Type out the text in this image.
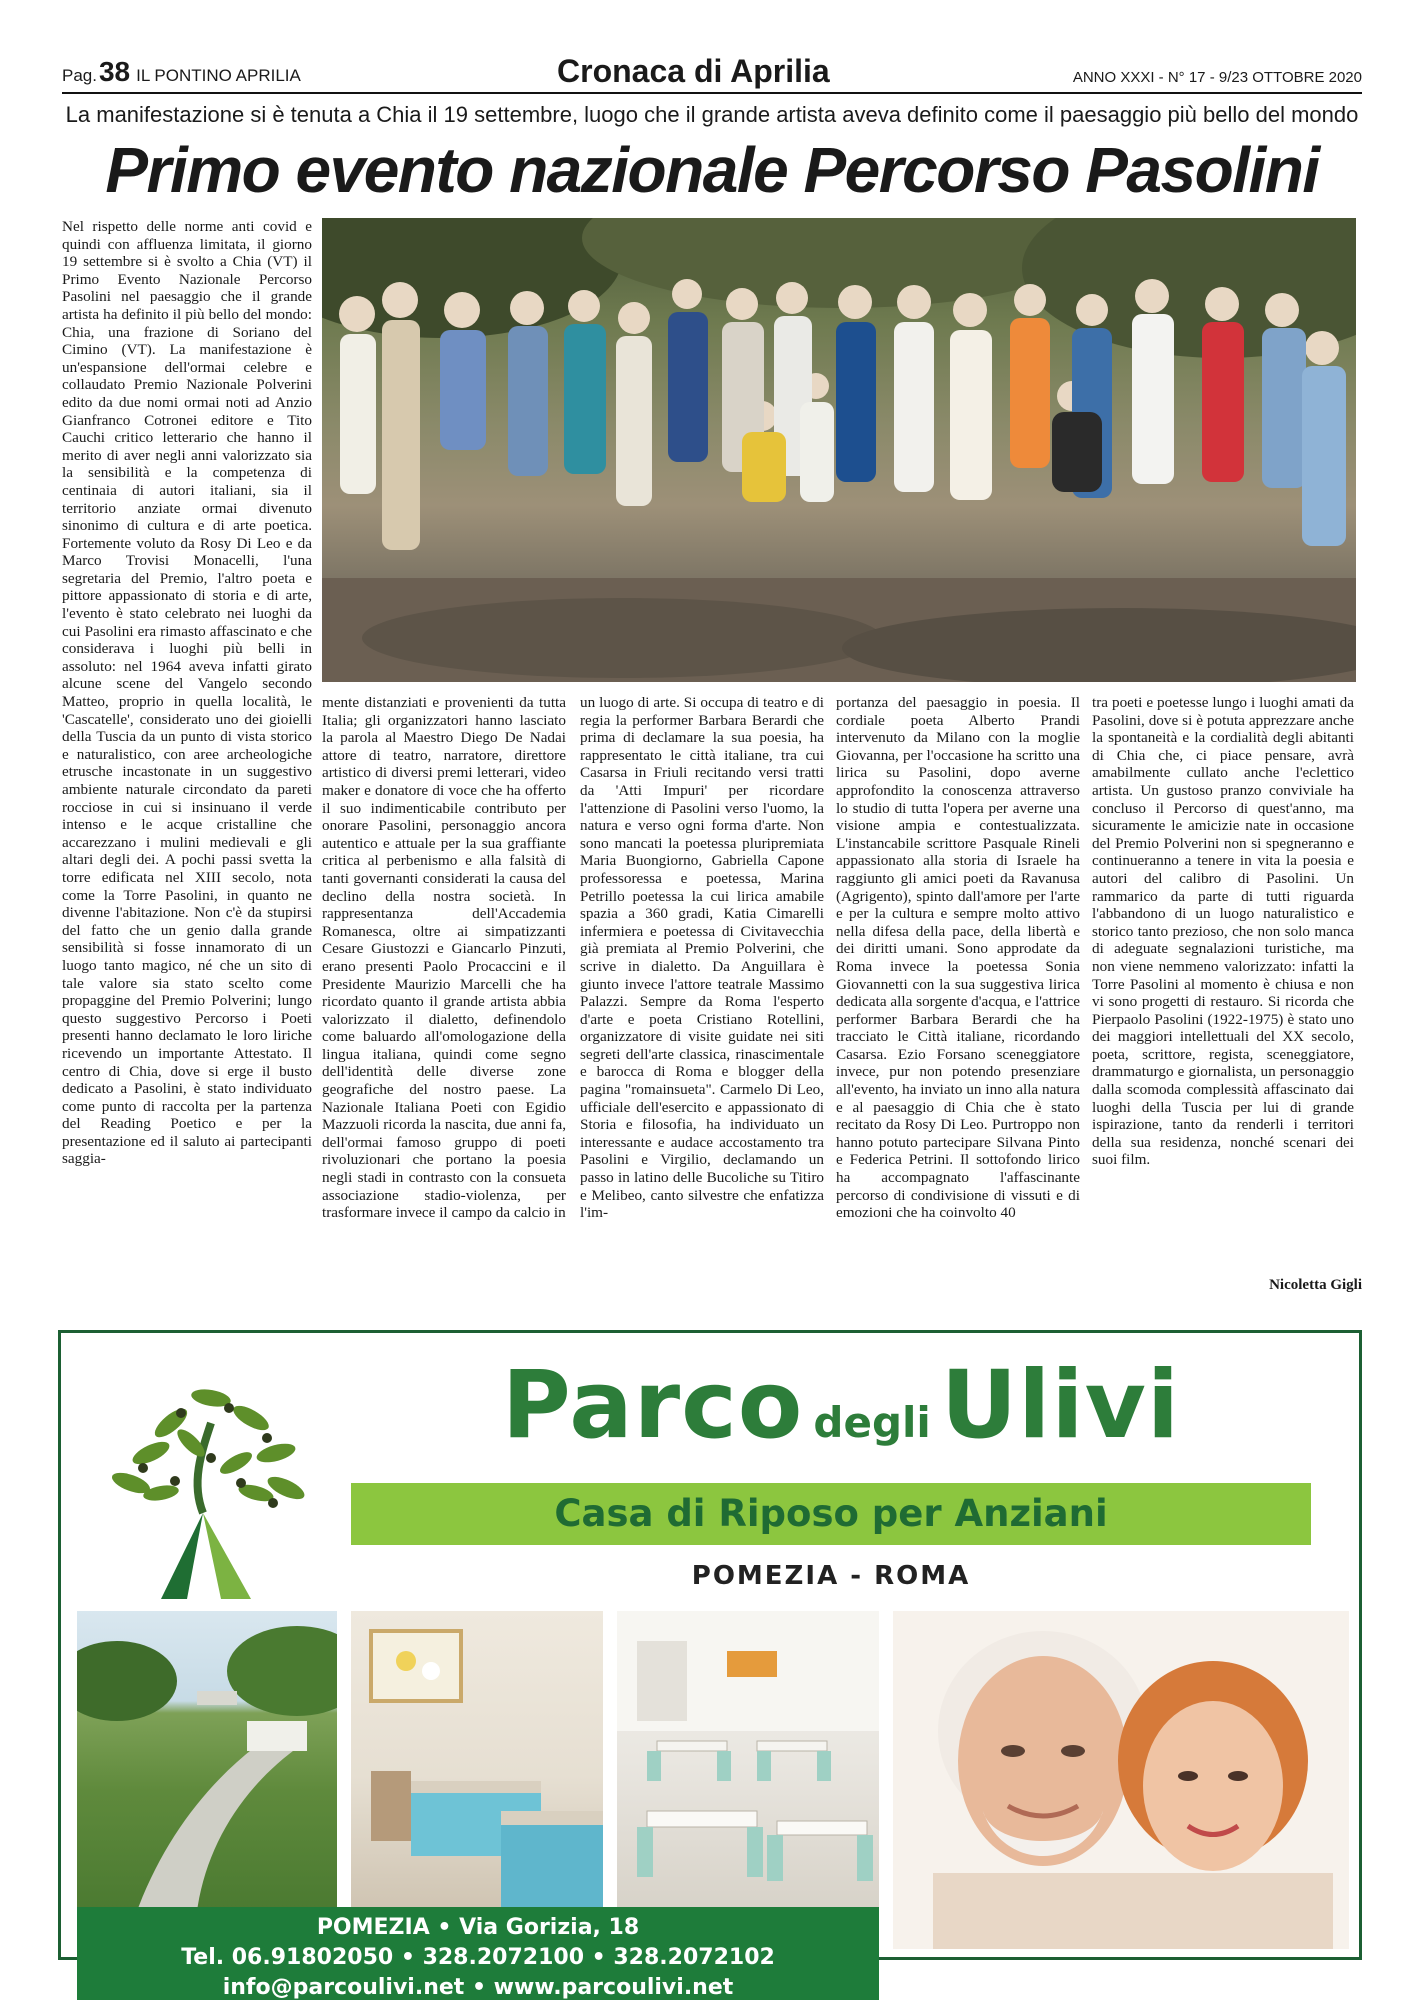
Pag.38 IL PONTINO APRILIA	Cronaca di Aprilia	ANNO XXXI - N° 17 - 9/23 OTTOBRE 2020
La manifestazione si è tenuta a Chia il 19 settembre, luogo che il grande artista aveva definito come il paesaggio più bello del mondo
Primo evento nazionale Percorso Pasolini
Nel rispetto delle norme anti covid e quindi con affluenza limitata, il giorno 19 settembre si è svolto a Chia (VT) il Primo Evento Nazionale Percorso Pasolini nel paesaggio che il grande artista ha definito il più bello del mondo: Chia, una frazione di Soriano del Cimino (VT). La manifestazione è un'espansione dell'ormai celebre e collaudato Premio Nazionale Polverini edito da due nomi ormai noti ad Anzio Gianfranco Cotronei editore e Tito Cauchi critico letterario che hanno il merito di aver negli anni valorizzato sia la sensibilità e la competenza di centinaia di autori italiani, sia il territorio anziate ormai divenuto sinonimo di cultura e di arte poetica. Fortemente voluto da Rosy Di Leo e da Marco Trovisi Monacelli, l'una segretaria del Premio, l'altro poeta e pittore appassionato di storia e di arte, l'evento è stato celebrato nei luoghi da cui Pasolini era rimasto affascinato e che considerava i luoghi più belli in assoluto: nel 1964 aveva infatti girato alcune scene del Vangelo secondo Matteo, proprio in quella località, le 'Cascatelle', considerato uno dei gioielli della Tuscia da un punto di vista storico e naturalistico, con aree archeologiche etrusche incastonate in un suggestivo ambiente naturale circondato da pareti rocciose in cui si insinuano il verde intenso e le acque cristalline che accarezzano i mulini medievali e gli altari degli dei. A pochi passi svetta la torre edificata nel XIII secolo, nota come la Torre Pasolini, in quanto ne divenne l'abitazione. Non c'è da stupirsi del fatto che un genio dalla grande sensibilità si fosse innamorato di un luogo tanto magico, né che un sito di tale valore sia stato scelto come propaggine del Premio Polverini; lungo questo suggestivo Percorso i Poeti presenti hanno declamato le loro liriche ricevendo un importante Attestato. Il centro di Chia, dove si erge il busto dedicato a Pasolini, è stato individuato come punto di raccolta per la partenza del Reading Poetico e per la presentazione ed il saluto ai partecipanti saggia-
mente distanziati e provenienti da tutta Italia; gli organizzatori hanno lasciato la parola al Maestro Diego De Nadai attore di teatro, narratore, direttore artistico di diversi premi letterari, video maker e donatore di voce che ha offerto il suo indimenticabile contributo per onorare Pasolini, personaggio ancora autentico e attuale per la sua graffiante critica al perbenismo e alla falsità di tanti governanti considerati la causa del declino della nostra società. In rappresentanza dell'Accademia Romanesca, oltre ai simpatizzanti Cesare Giustozzi e Giancarlo Pinzuti, erano presenti Paolo Procaccini e il Presidente Maurizio Marcelli che ha ricordato quanto il grande artista abbia valorizzato il dialetto, definendolo come baluardo all'omologazione della lingua italiana, quindi come segno dell'identità delle diverse zone geografiche del nostro paese. La Nazionale Italiana Poeti con Egidio Mazzuoli ricorda la nascita, due anni fa, dell'ormai famoso gruppo di poeti rivoluzionari che portano la poesia negli stadi in contrasto con la consueta associazione stadio-violenza, per trasformare invece il campo da calcio in
un luogo di arte. Si occupa di teatro e di regia la performer Barbara Berardi che prima di declamare la sua poesia, ha rappresentato le città italiane, tra cui Casarsa in Friuli recitando versi tratti da 'Atti Impuri' per ricordare l'attenzione di Pasolini verso l'uomo, la natura e verso ogni forma d'arte. Non sono mancati la poetessa pluripremiata Maria Buongiorno, Gabriella Capone professoressa e poetessa, Marina Petrillo poetessa la cui lirica amabile spazia a 360 gradi, Katia Cimarelli infermiera e poetessa di Civitavecchia già premiata al Premio Polverini, che scrive in dialetto. Da Anguillara è giunto invece l'attore teatrale Massimo Palazzi. Sempre da Roma l'esperto d'arte e poeta Cristiano Rotellini, organizzatore di visite guidate nei siti segreti dell'arte classica, rinascimentale e barocca di Roma e blogger della pagina "romainsueta". Carmelo Di Leo, ufficiale dell'esercito e appassionato di Storia e filosofia, ha individuato un interessante e audace accostamento tra Pasolini e Virgilio, declamando un passo in latino delle Bucoliche su Titiro e Melibeo, canto silvestre che enfatizza l'im-
portanza del paesaggio in poesia. Il cordiale poeta Alberto Prandi intervenuto da Milano con la moglie Giovanna, per l'occasione ha scritto una lirica su Pasolini, dopo averne approfondito la conoscenza attraverso lo studio di tutta l'opera per averne una visione ampia e contestualizzata. L'instancabile scrittore Pasquale Rineli appassionato alla storia di Israele ha raggiunto gli amici poeti da Ravanusa (Agrigento), spinto dall'amore per l'arte e per la cultura e sempre molto attivo nella difesa della pace, della libertà e dei diritti umani. Sono approdate da Roma invece la poetessa Sonia Giovannetti con la sua suggestiva lirica dedicata alla sorgente d'acqua, e l'attrice performer Barbara Berardi che ha tracciato le Città italiane, ricordando Casarsa. Ezio Forsano sceneggiatore invece, pur non potendo presenziare all'evento, ha inviato un inno alla natura e al paesaggio di Chia che è stato recitato da Rosy Di Leo. Purtroppo non hanno potuto partecipare Silvana Pinto e Federica Petrini. Il sottofondo lirico ha accompagnato l'affascinante percorso di condivisione di vissuti e di emozioni che ha coinvolto 40
tra poeti e poetesse lungo i luoghi amati da Pasolini, dove si è potuta apprezzare anche la spontaneità e la cordialità degli abitanti di Chia che, ci piace pensare, avrà amabilmente cullato anche l'eclettico artista. Un gustoso pranzo conviviale ha concluso il Percorso di quest'anno, ma sicuramente le amicizie nate in occasione del Premio Polverini non si spegneranno e continueranno a tenere in vita la poesia e autori del calibro di Pasolini. Un rammarico da parte di tutti riguarda l'abbandono di un luogo naturalistico e storico tanto prezioso, che non solo manca di adeguate segnalazioni turistiche, ma non viene nemmeno valorizzato: infatti la Torre Pasolini al momento è chiusa e non vi sono progetti di restauro. Si ricorda che Pierpaolo Pasolini (1922-1975) è stato uno dei maggiori intellettuali del XX secolo, poeta, scrittore, regista, sceneggiatore, drammaturgo e giornalista, un personaggio dalla scomoda complessità affascinato dai luoghi della Tuscia per lui di grande ispirazione, tanto da renderli i territori della sua residenza, nonché scenari dei suoi film.
Nicoletta Gigli
Parco degli Ulivi
Casa di Riposo per Anziani
POMEZIA - ROMA
POMEZIA • Via Gorizia, 18
Tel. 06.91802050 • 328.2072100 • 328.2072102
info@parcoulivi.net • www.parcoulivi.net
